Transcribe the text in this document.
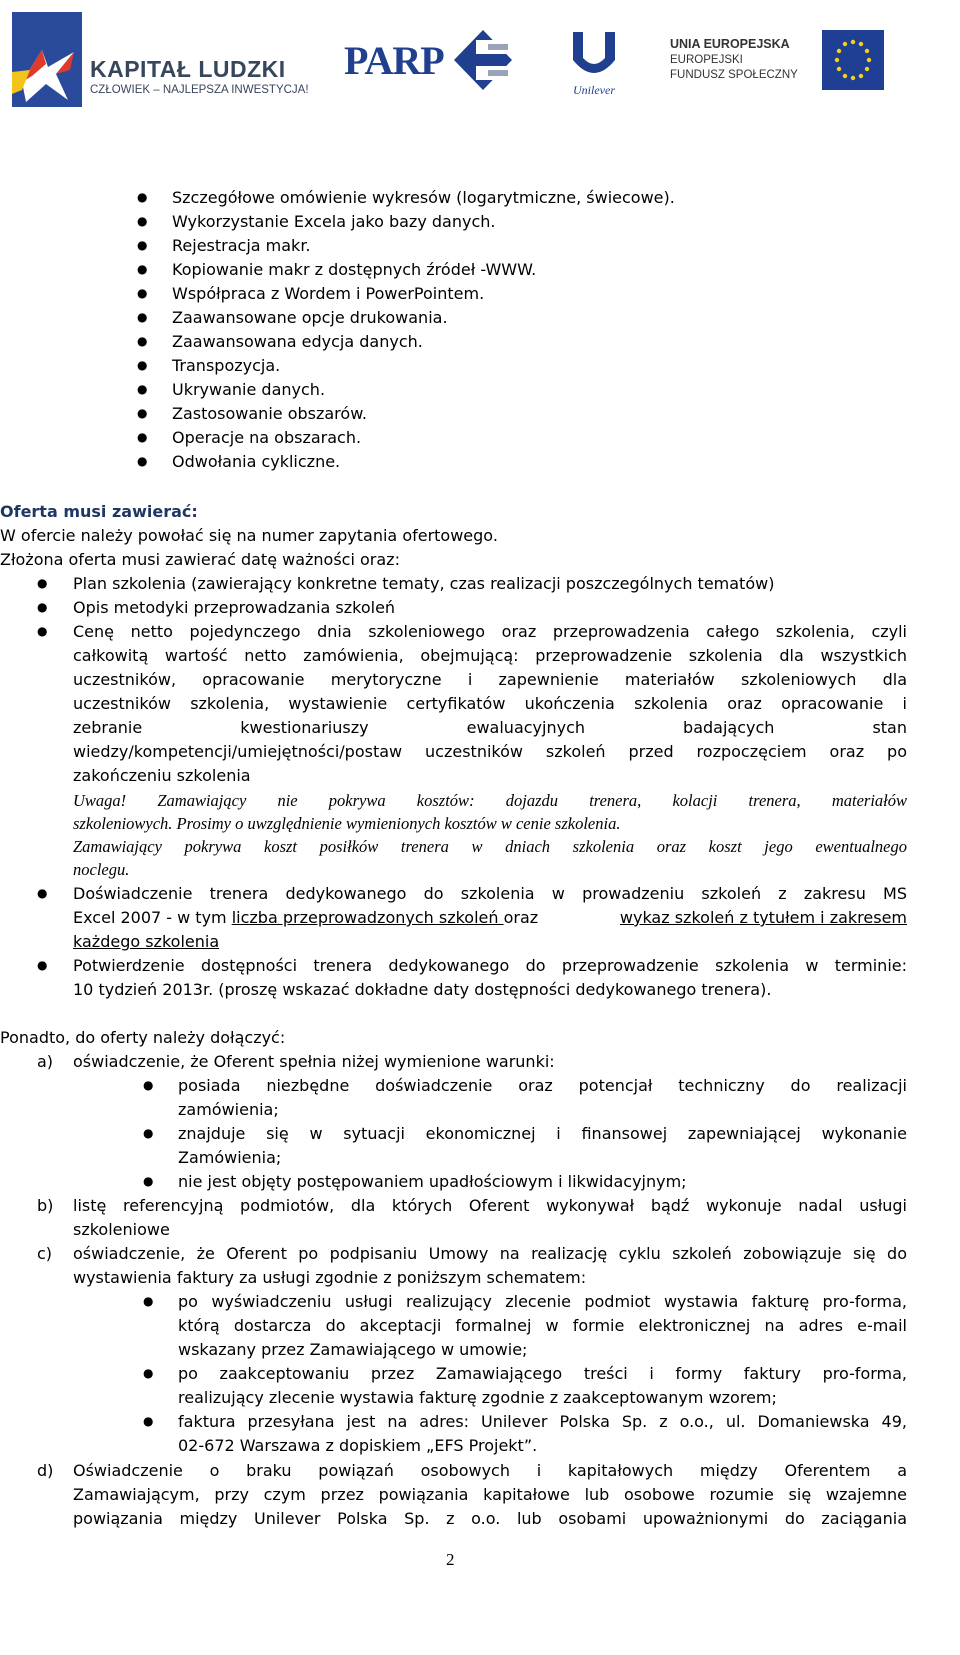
KAPITAŁ LUDZKI
CZŁOWIEK – NAJLEPSZA INWESTYCJA!
PARP
Unilever
UNIA EUROPEJSKA
EUROPEJSKI
FUNDUSZ SPOŁECZNY
● Szczegółowe omówienie wykresów (logarytmiczne, świecowe).
● Wykorzystanie Excela jako bazy danych.
● Rejestracja makr.
● Kopiowanie makr z dostępnych źródeł -WWW.
● Współpraca z Wordem i PowerPointem.
● Zaawansowane opcje drukowania.
● Zaawansowana edycja danych.
● Transpozycja.
● Ukrywanie danych.
● Zastosowanie obszarów.
● Operacje na obszarach.
● Odwołania cykliczne.
Oferta musi zawierać:
W ofercie należy powołać się na numer zapytania ofertowego.
Złożona oferta musi zawierać datę ważności oraz:
● Plan szkolenia (zawierający konkretne tematy, czas realizacji poszczególnych tematów)
● Opis metodyki przeprowadzania szkoleń
● Cenę netto pojedynczego dnia szkoleniowego oraz przeprowadzenia całego szkolenia, czyli
całkowitą wartość netto zamówienia, obejmującą: przeprowadzenie szkolenia dla wszystkich
uczestników, opracowanie merytoryczne i zapewnienie materiałów szkoleniowych dla
uczestników szkolenia, wystawienie certyfikatów ukończenia szkolenia oraz opracowanie i
zebranie kwestionariuszy ewaluacyjnych badających stan
wiedzy/kompetencji/umiejętności/postaw uczestników szkoleń przed rozpoczęciem oraz po
zakończeniu szkolenia
Uwaga! Zamawiający nie pokrywa kosztów: dojazdu trenera, kolacji trenera, materiałów
szkoleniowych. Prosimy o uwzględnienie wymienionych kosztów w cenie szkolenia.
Zamawiający pokrywa koszt posiłków trenera w dniach szkolenia oraz koszt jego ewentualnego
noclegu.
● Doświadczenie trenera dedykowanego do szkolenia w prowadzeniu szkoleń z zakresu MS
Excel 2007 - w tym liczba przeprowadzonych szkoleń oraz	wykaz szkoleń z tytułem i zakresem
każdego szkolenia
● Potwierdzenie dostępności trenera dedykowanego do przeprowadzenie szkolenia w terminie:
10 tydzień 2013r. (proszę wskazać dokładne daty dostępności dedykowanego trenera).
Ponadto, do oferty należy dołączyć:
a) oświadczenie, że Oferent spełnia niżej wymienione warunki:
● posiada niezbędne doświadczenie oraz potencjał techniczny do realizacji
zamówienia;
● znajduje się w sytuacji ekonomicznej i finansowej zapewniającej wykonanie
Zamówienia;
● nie jest objęty postępowaniem upadłościowym i likwidacyjnym;
b) listę referencyjną podmiotów, dla których Oferent wykonywał bądź wykonuje nadal usługi
szkoleniowe
c) oświadczenie, że Oferent po podpisaniu Umowy na realizację cyklu szkoleń zobowiązuje się do
wystawienia faktury za usługi zgodnie z poniższym schematem:
● po wyświadczeniu usługi realizujący zlecenie podmiot wystawia fakturę pro-forma,
którą dostarcza do akceptacji formalnej w formie elektronicznej na adres e-mail
wskazany przez Zamawiającego w umowie;
● po zaakceptowaniu przez Zamawiającego treści i formy faktury pro-forma,
realizujący zlecenie wystawia fakturę zgodnie z zaakceptowanym wzorem;
● faktura przesyłana jest na adres: Unilever Polska Sp. z o.o., ul. Domaniewska 49,
02-672 Warszawa z dopiskiem „EFS Projekt”.
d) Oświadczenie o braku powiązań osobowych i kapitałowych między Oferentem a
Zamawiającym, przy czym przez powiązania kapitałowe lub osobowe rozumie się wzajemne
powiązania między Unilever Polska Sp. z o.o. lub osobami upoważnionymi do zaciągania
2
